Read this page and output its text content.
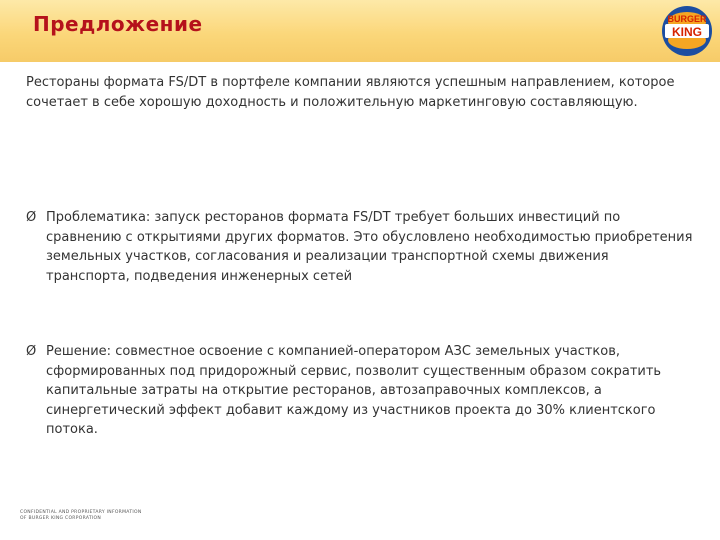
Предложение	BURGER
KING
Рестораны формата FS/DT в портфеле компании являются успешным направлением, которое сочетает в себе хорошую доходность и положительную маркетинговую составляющую.
Ø Проблематика: запуск ресторанов формата FS/DT требует больших инвестиций по сравнению с открытиями других форматов. Это обусловлено необходимостью приобретения земельных участков, согласования и реализации транспортной схемы движения транспорта, подведения инженерных сетей
Ø Решение: совместное освоение с компанией-оператором АЗС земельных участков, сформированных под придорожный сервис, позволит существенным образом сократить капитальные затраты на открытие ресторанов, автозаправочных комплексов, а синергетический эффект добавит каждому из участников проекта до 30% клиентского потока.
CONFIDENTIAL AND PROPRIETARY INFORMATION
OF BURGER KING CORPORATION
